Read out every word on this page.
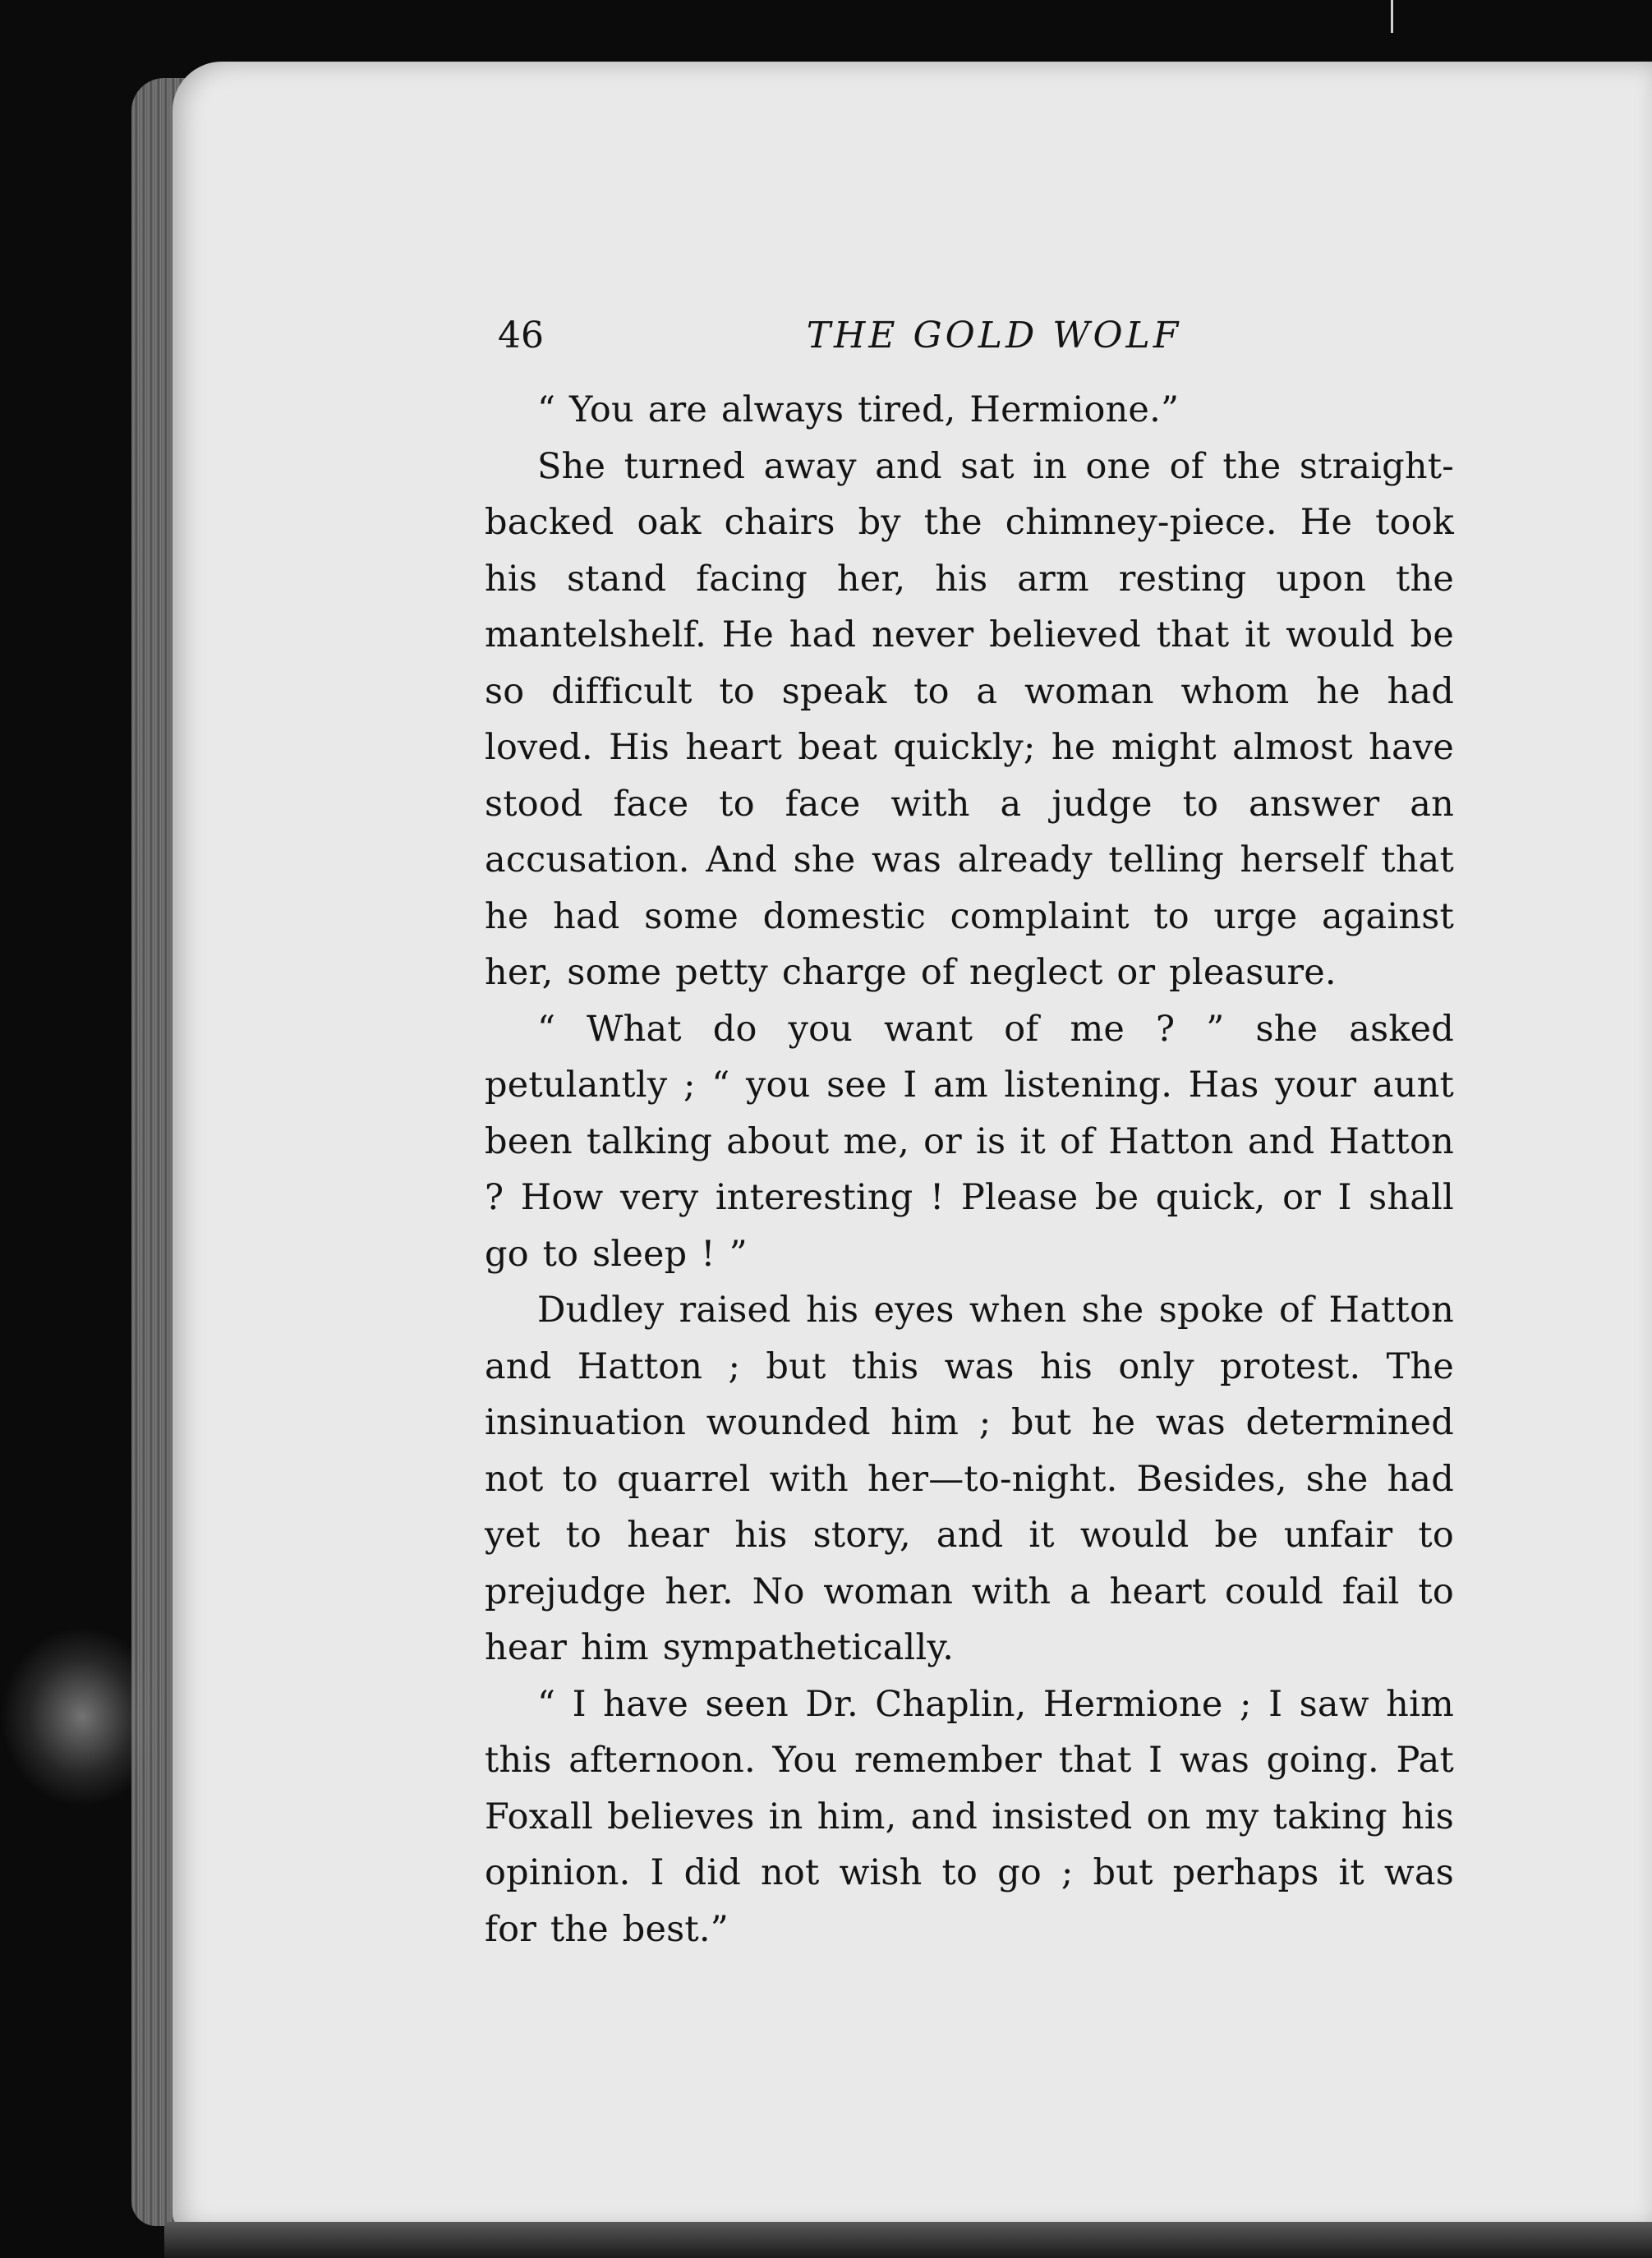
46	THE GOLD WOLF

“ You are always tired, Hermione.”

She turned away and sat in one of the straight-backed oak chairs by the chimney-piece. He took his stand facing her, his arm resting upon the mantelshelf. He had never believed that it would be so difficult to speak to a woman whom he had loved. His heart beat quickly; he might almost have stood face to face with a judge to answer an accusation. And she was already telling herself that he had some domestic complaint to urge against her, some petty charge of neglect or pleasure.

“ What do you want of me ? ” she asked petulantly ; “ you see I am listening. Has your aunt been talking about me, or is it of Hatton and Hatton ? How very interesting ! Please be quick, or I shall go to sleep ! ”

Dudley raised his eyes when she spoke of Hatton and Hatton ; but this was his only protest. The insinuation wounded him ; but he was determined not to quarrel with her—to-night. Besides, she had yet to hear his story, and it would be unfair to prejudge her. No woman with a heart could fail to hear him sympathetically.

“ I have seen Dr. Chaplin, Hermione ; I saw him this afternoon. You remember that I was going. Pat Foxall believes in him, and insisted on my taking his opinion. I did not wish to go ; but perhaps it was for the best.”
